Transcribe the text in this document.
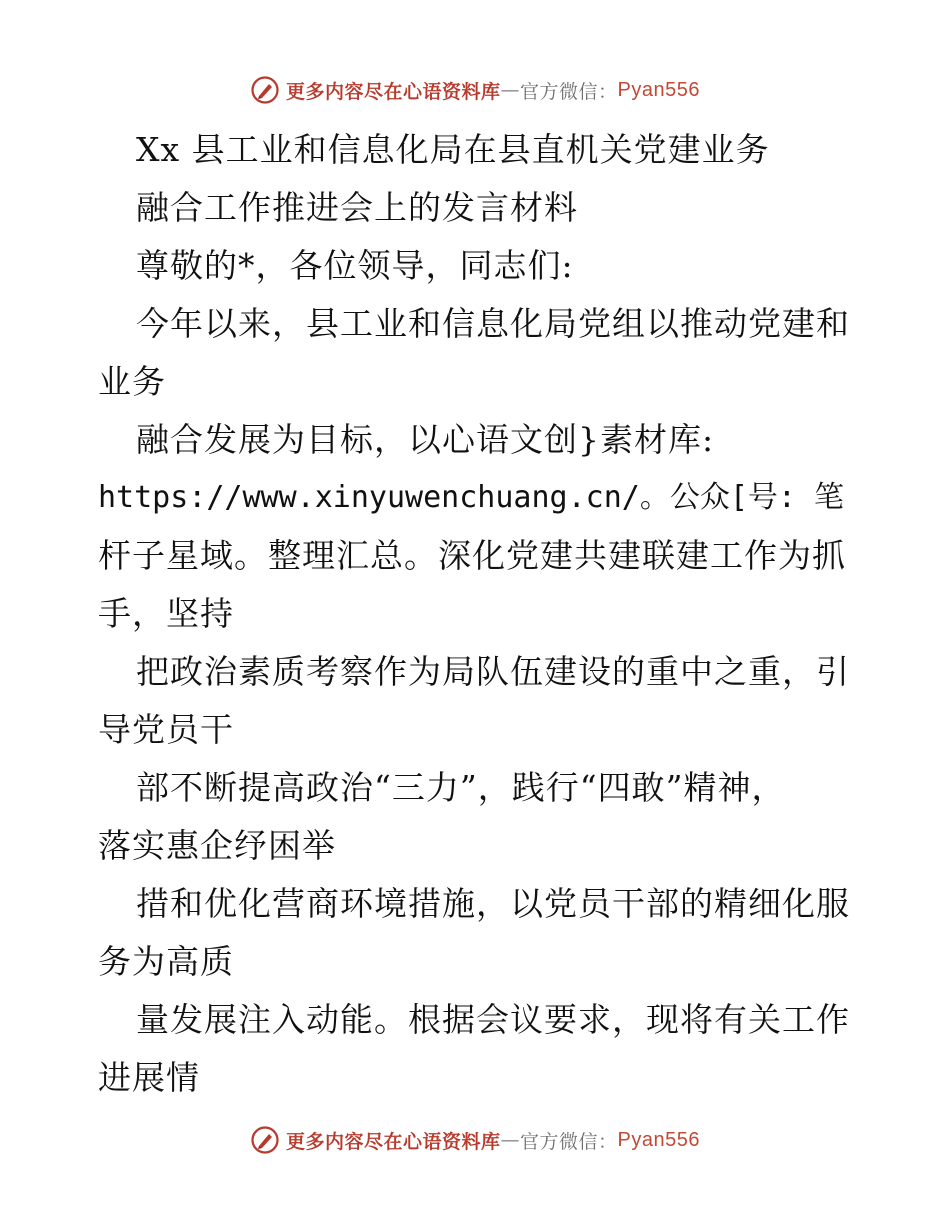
更多内容尽在心语资料库 — 官方微信： Pyan556
Xx 县工业和信息化局在县直机关党建业务
融合工作推进会上的发言材料
尊敬的*，各位领导，同志们:
今年以来，县工业和信息化局党组以推动党建和
业务
融合发展为目标，以心语文创}素材库:
https://www.xinyuwenchuang.cn/。公众[号: 笔
杆子星域。整理汇总。深化党建共建联建工作为抓
手，坚持
把政治素质考察作为局队伍建设的重中之重，引
导党员干
部不断提高政治“三力”，践行“四敢”精神，
落实惠企纾困举
措和优化营商环境措施，以党员干部的精细化服
务为高质
量发展注入动能。根据会议要求，现将有关工作
进展情
更多内容尽在心语资料库 — 官方微信： Pyan556
